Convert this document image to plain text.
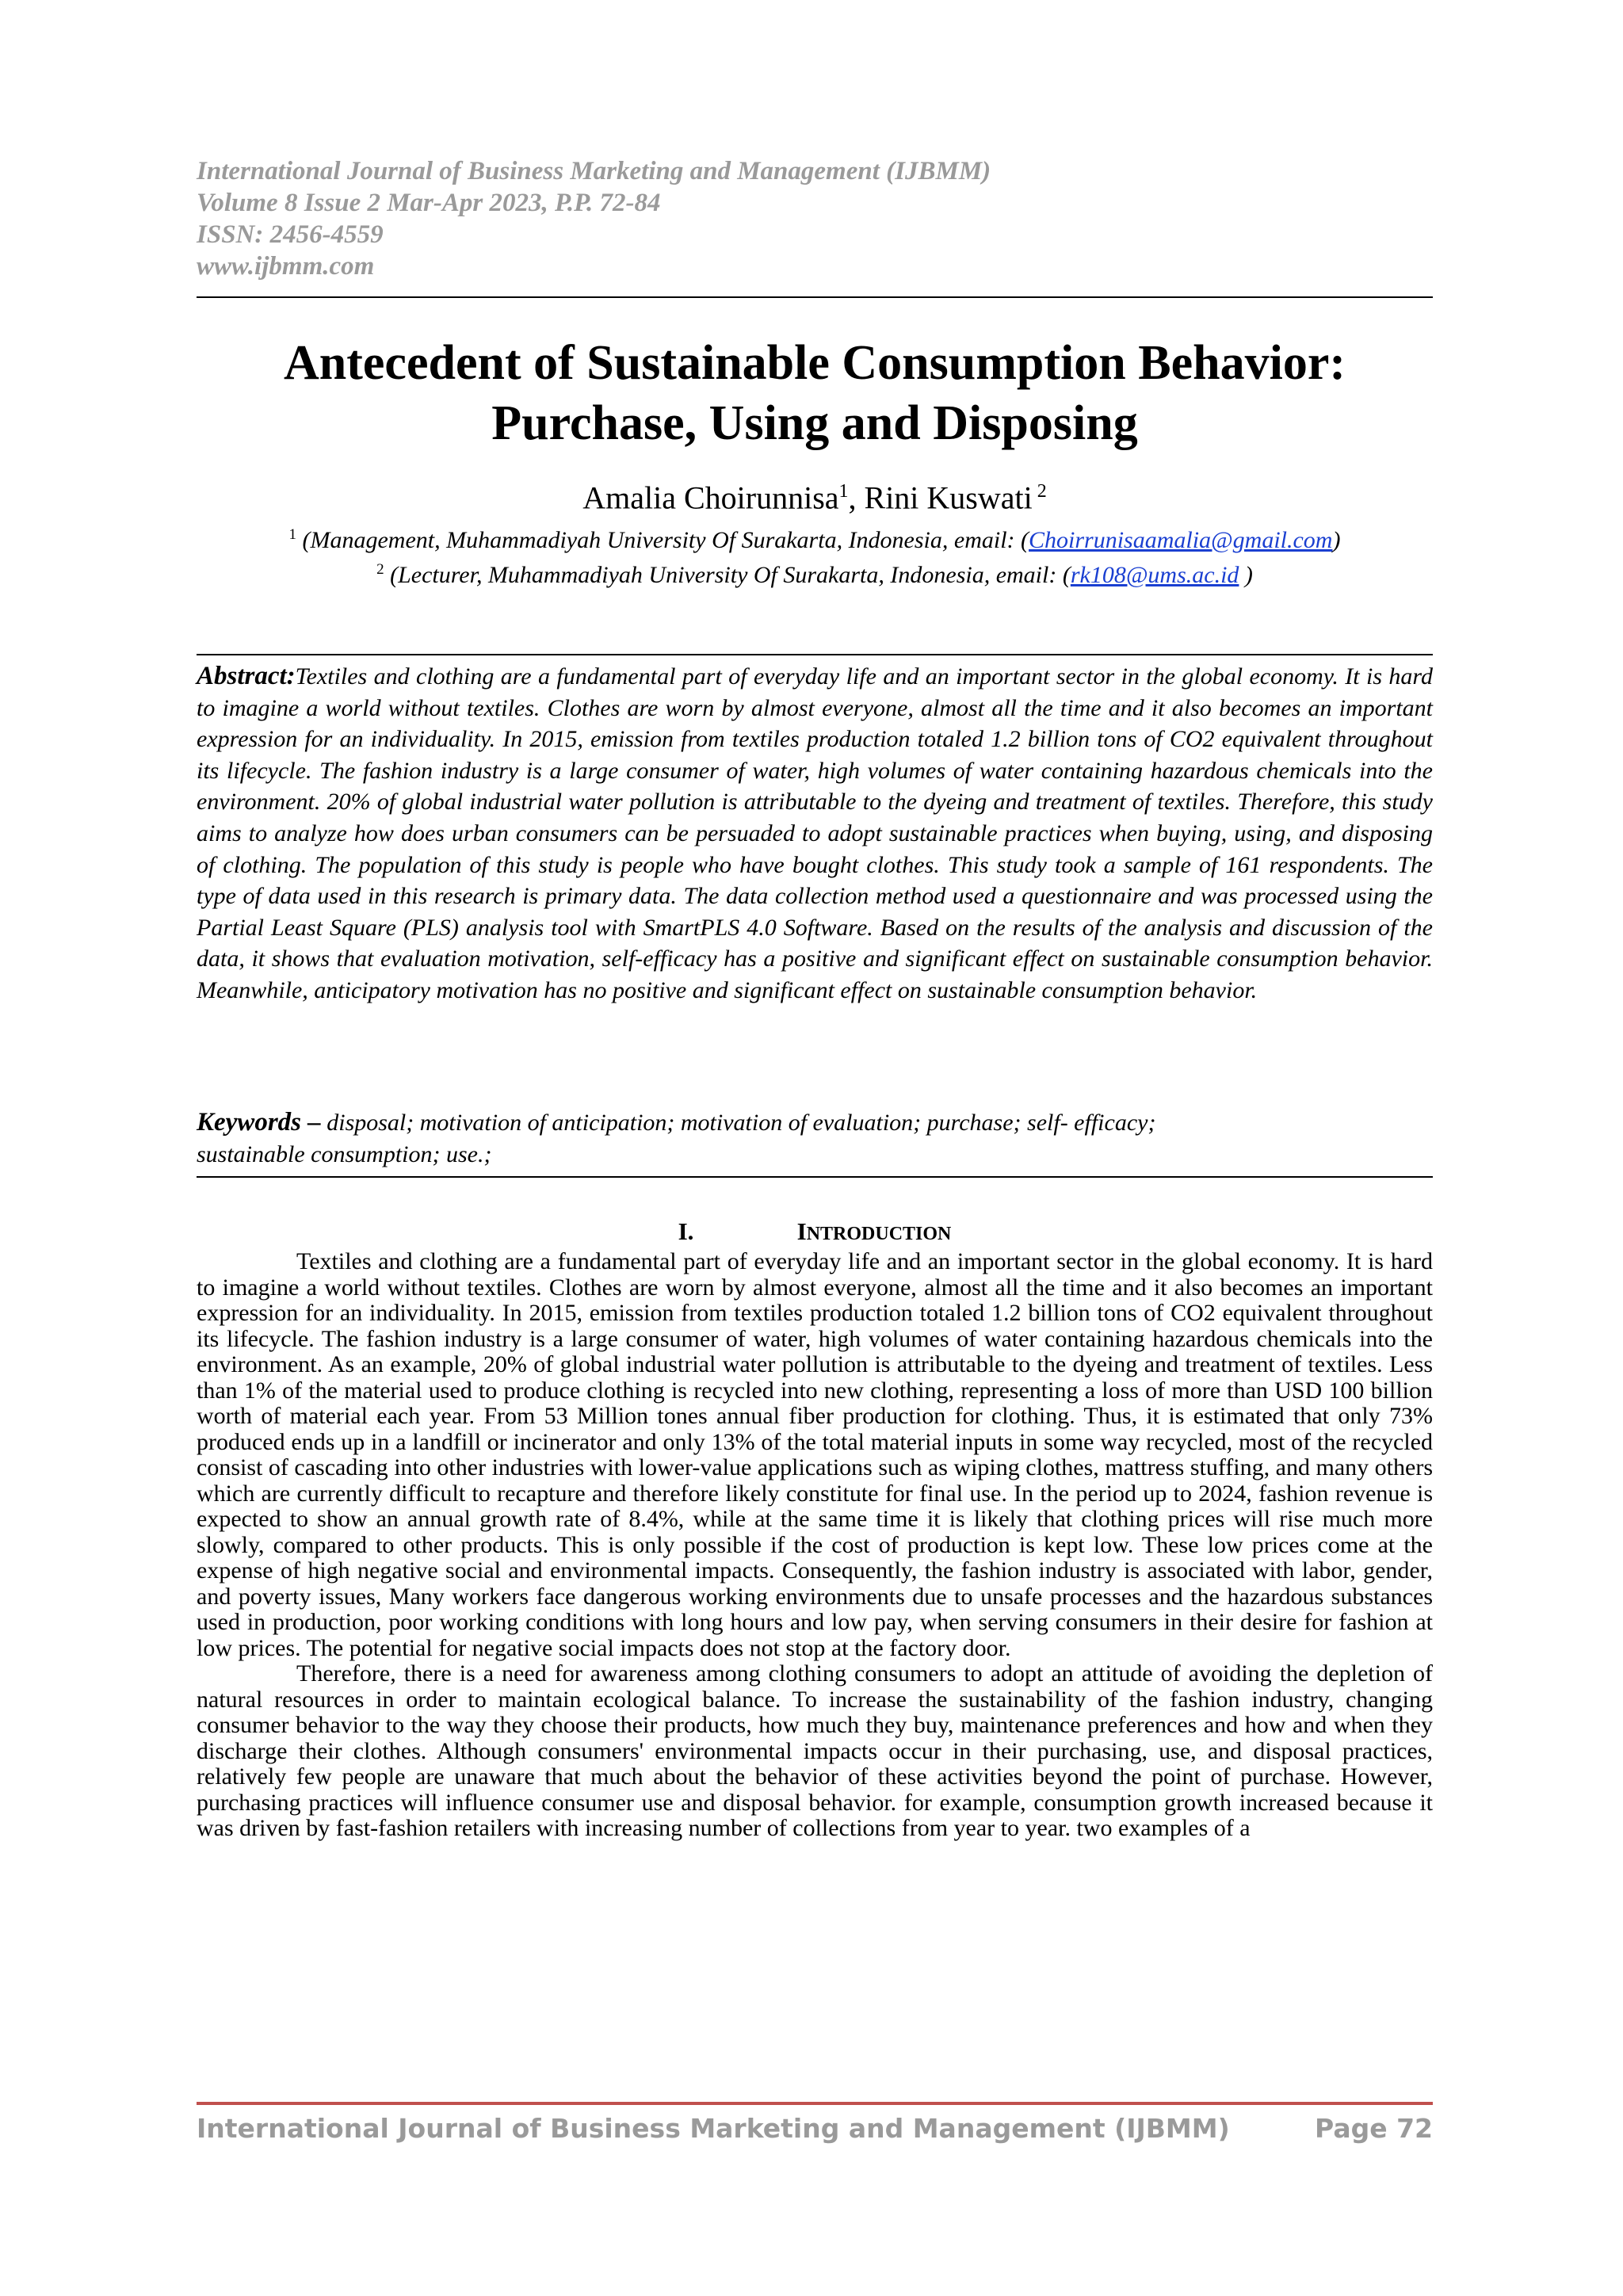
International Journal of Business Marketing and Management (IJBMM)
Volume 8 Issue 2 Mar-Apr 2023, P.P. 72-84
ISSN: 2456-4559
www.ijbmm.com
Antecedent of Sustainable Consumption Behavior:
Purchase, Using and Disposing
Amalia Choirunnisa$^1$, Rini Kuswati $^2$
$^1$ (Management, Muhammadiyah University Of Surakarta, Indonesia, email: (Choirrunisaamalia@gmail.com)
$^2$ (Lecturer, Muhammadiyah University Of Surakarta, Indonesia, email: (rk108@ums.ac.id )
Abstract:Textiles and clothing are a fundamental part of everyday life and an important sector in the global economy. It is hard to imagine a world without textiles. Clothes are worn by almost everyone, almost all the time and it also becomes an important expression for an individuality. In 2015, emission from textiles production totaled 1.2 billion tons of CO2 equivalent throughout its lifecycle. The fashion industry is a large consumer of water, high volumes of water containing hazardous chemicals into the environment. 20% of global industrial water pollution is attributable to the dyeing and treatment of textiles. Therefore, this study aims to analyze how does urban consumers can be persuaded to adopt sustainable practices when buying, using, and disposing of clothing. The population of this study is people who have bought clothes. This study took a sample of 161 respondents. The type of data used in this research is primary data. The data collection method used a questionnaire and was processed using the Partial Least Square (PLS) analysis tool with SmartPLS 4.0 Software. Based on the results of the analysis and discussion of the data, it shows that evaluation motivation, self-efficacy has a positive and significant effect on sustainable consumption behavior. Meanwhile, anticipatory motivation has no positive and significant effect on sustainable consumption behavior.
Keywords – disposal; motivation of anticipation; motivation of evaluation; purchase; self- efficacy;
sustainable consumption; use.;
I.	INTRODUCTION

Textiles and clothing are a fundamental part of everyday life and an important sector in the global economy. It is hard to imagine a world without textiles. Clothes are worn by almost everyone, almost all the time and it also becomes an important expression for an individuality. In 2015, emission from textiles production totaled 1.2 billion tons of CO2 equivalent throughout its lifecycle. The fashion industry is a large consumer of water, high volumes of water containing hazardous chemicals into the environment. As an example, 20% of global industrial water pollution is attributable to the dyeing and treatment of textiles. Less than 1% of the material used to produce clothing is recycled into new clothing, representing a loss of more than USD 100 billion worth of material each year. From 53 Million tones annual fiber production for clothing. Thus, it is estimated that only 73% produced ends up in a landfill or incinerator and only 13% of the total material inputs in some way recycled, most of the recycled consist of cascading into other industries with lower-value applications such as wiping clothes, mattress stuffing, and many others which are currently difficult to recapture and therefore likely constitute for final use. In the period up to 2024, fashion revenue is expected to show an annual growth rate of 8.4%, while at the same time it is likely that clothing prices will rise much more slowly, compared to other products. This is only possible if the cost of production is kept low. These low prices come at the expense of high negative social and environmental impacts. Consequently, the fashion industry is associated with labor, gender, and poverty issues, Many workers face dangerous working environments due to unsafe processes and the hazardous substances used in production, poor working conditions with long hours and low pay, when serving consumers in their desire for fashion at low prices. The potential for negative social impacts does not stop at the factory door.

Therefore, there is a need for awareness among clothing consumers to adopt an attitude of avoiding the depletion of natural resources in order to maintain ecological balance. To increase the sustainability of the fashion industry, changing consumer behavior to the way they choose their products, how much they buy, maintenance preferences and how and when they discharge their clothes. Although consumers' environmental impacts occur in their purchasing, use, and disposal practices, relatively few people are unaware that much about the behavior of these activities beyond the point of purchase. However, purchasing practices will influence consumer use and disposal behavior. for example, consumption growth increased because it was driven by fast-fashion retailers with increasing number of collections from year to year. two examples of a

International Journal of Business Marketing and Management (IJBMM)	Page 72
